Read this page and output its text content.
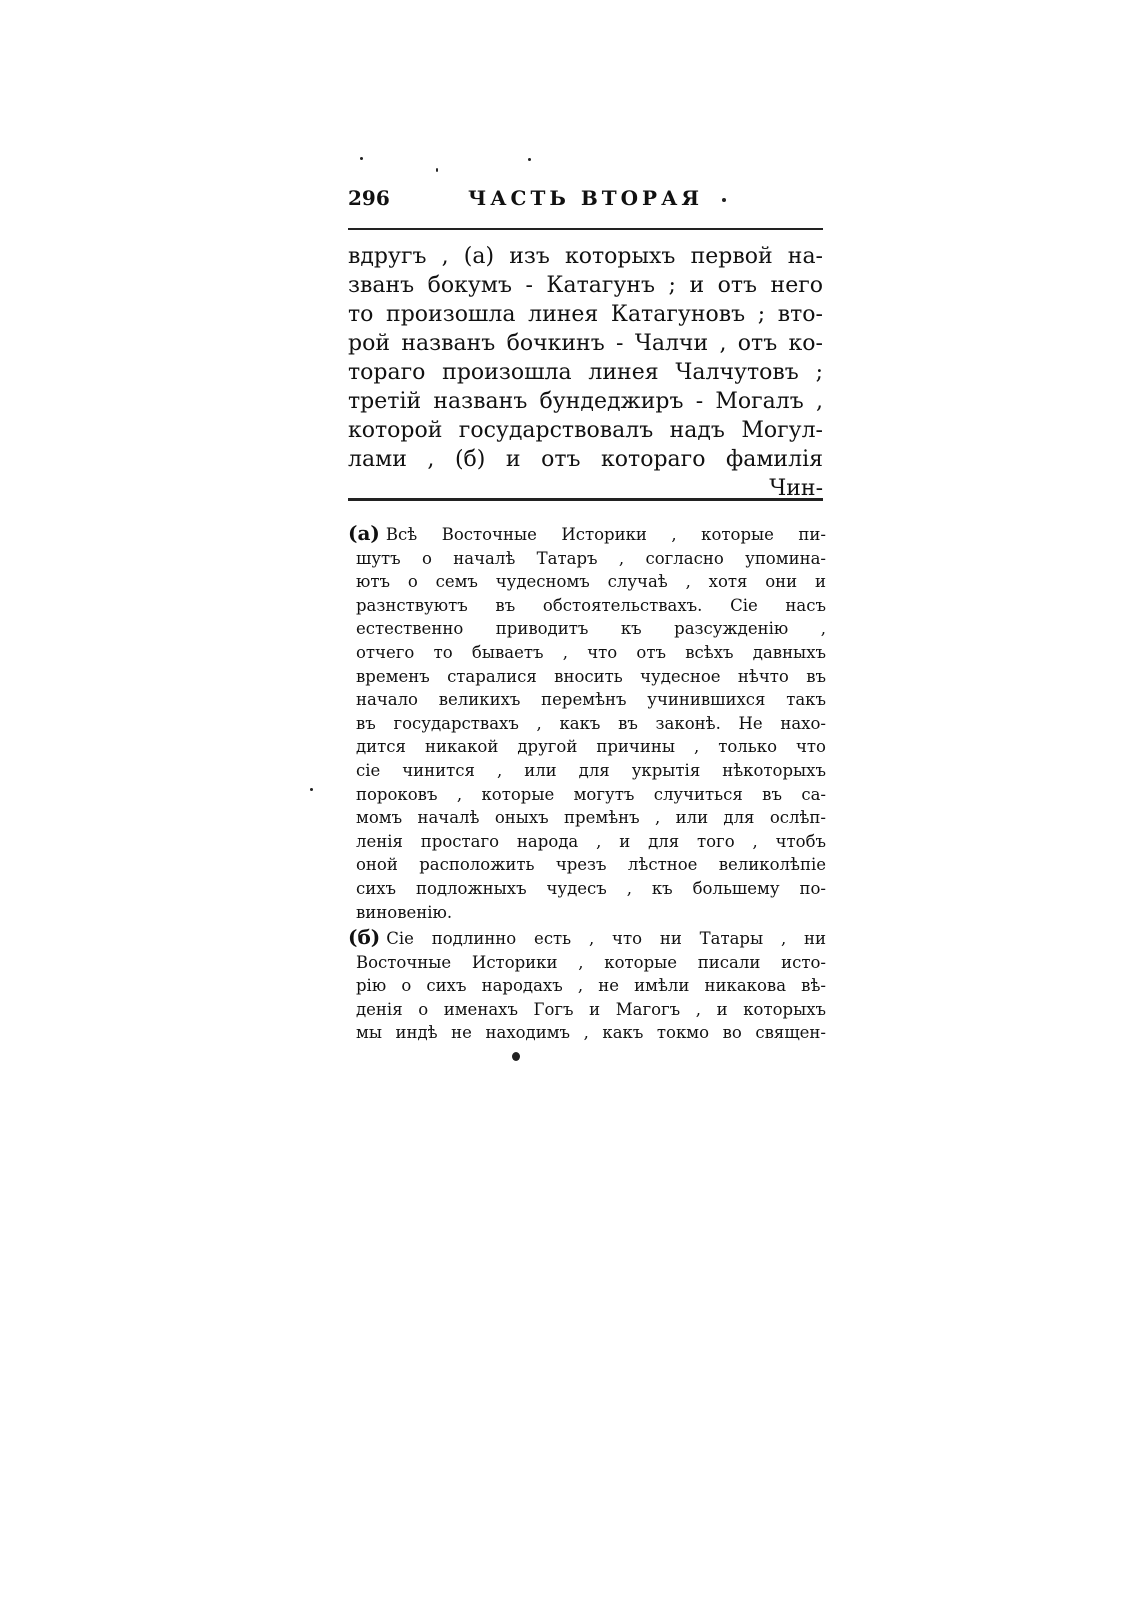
296	ЧАСТЬ ВТОРАЯ
вдругъ , (а) изъ которыхъ первой на-
званъ бокумъ - Катагунъ ; и отъ него
то произошла линея Катагуновъ ; вто-
рой названъ бочкинъ - Чалчи , отъ ко-
тораго произошла линея Чалчутовъ ;
третій названъ бундеджиръ - Могалъ ,
которой государствовалъ надъ Могул-
лами , (б) и отъ котораго фамилія
Чин-
(а) Всѣ Восточные Историки , которые пи-
шутъ о началѣ Татаръ , согласно упомина-
ютъ о семъ чудесномъ случаѣ , хотя они и
разнствуютъ въ обстоятельствахъ. Сіе насъ
естественно приводитъ къ разсужденію ,
отчего то бываетъ , что отъ всѣхъ давныхъ
временъ старалися вносить чудесное нѣчто въ
начало великихъ перемѣнъ учинившихся такъ
въ государствахъ , какъ въ законѣ. Не нахо-
дится никакой другой причины , только что
сіе чинится , или для укрытія нѣкоторыхъ
пороковъ , которые могутъ случиться въ са-
момъ началѣ оныхъ премѣнъ , или для ослѣп-
ленія простаго народа , и для того , чтобъ
оной расположить чрезъ лѣстное великолѣпіе
сихъ подложныхъ чудесъ , къ большему по-
виновенію.
(б) Сіе подлинно есть , что ни Татары , ни
Восточные Историки , которые писали исто-
рію о сихъ народахъ , не имѣли никакова вѣ-
денія о именахъ Гогъ и Магогъ , и которыхъ
мы индѣ не находимъ , какъ токмо во священ-
